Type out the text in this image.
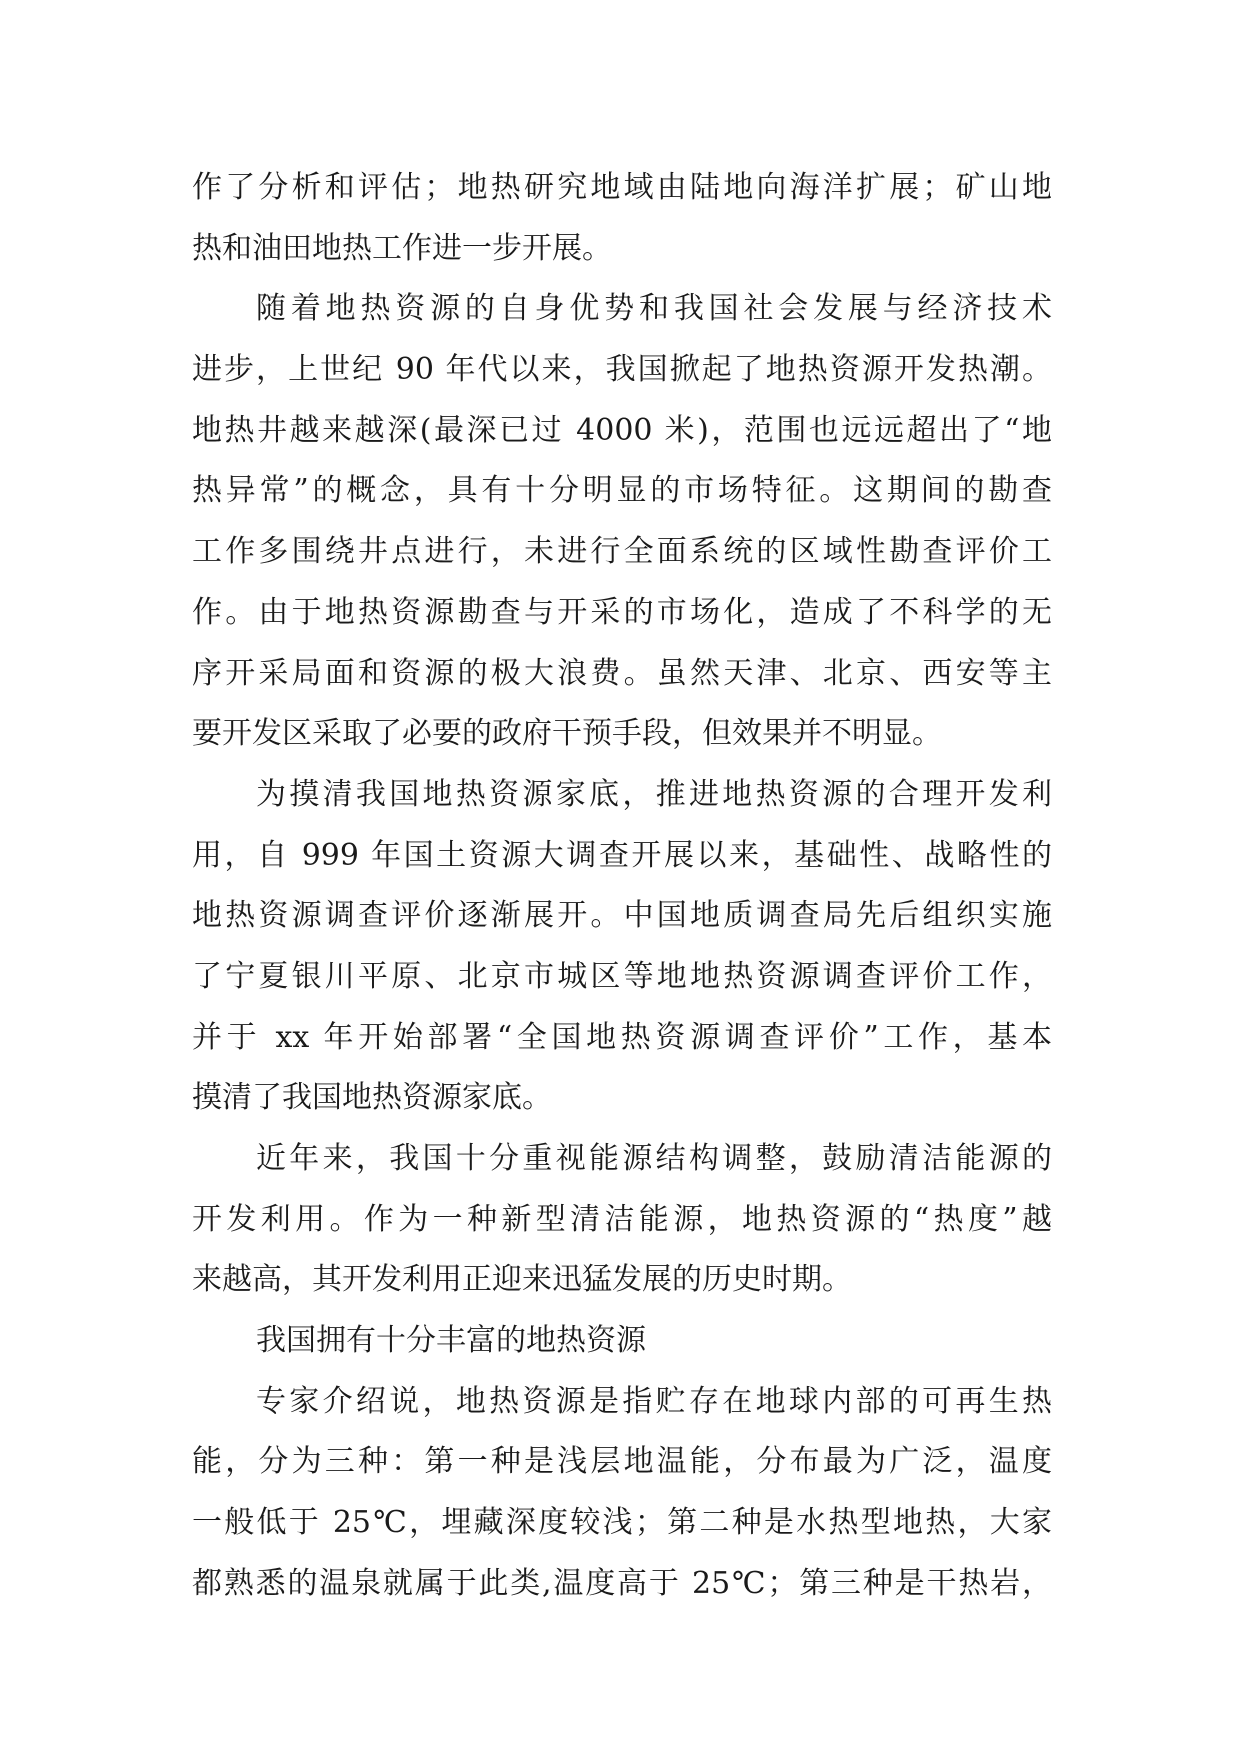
作了分析和评估；地热研究地域由陆地向海洋扩展；矿山地
热和油田地热工作进一步开展。
随着地热资源的自身优势和我国社会发展与经济技术
进步，上世纪 90 年代以来，我国掀起了地热资源开发热潮。
地热井越来越深(最深已过 4000 米)，范围也远远超出了“地
热异常”的概念，具有十分明显的市场特征。这期间的勘查
工作多围绕井点进行，未进行全面系统的区域性勘查评价工
作。由于地热资源勘查与开采的市场化，造成了不科学的无
序开采局面和资源的极大浪费。虽然天津、北京、西安等主
要开发区采取了必要的政府干预手段，但效果并不明显。
为摸清我国地热资源家底，推进地热资源的合理开发利
用，自 999 年国土资源大调查开展以来，基础性、战略性的
地热资源调查评价逐渐展开。中国地质调查局先后组织实施
了宁夏银川平原、北京市城区等地地热资源调查评价工作，
并于 xx 年开始部署“全国地热资源调查评价”工作，基本
摸清了我国地热资源家底。
近年来，我国十分重视能源结构调整，鼓励清洁能源的
开发利用。作为一种新型清洁能源，地热资源的“热度”越
来越高，其开发利用正迎来迅猛发展的历史时期。
我国拥有十分丰富的地热资源
专家介绍说，地热资源是指贮存在地球内部的可再生热
能，分为三种：第一种是浅层地温能，分布最为广泛，温度
一般低于 25℃，埋藏深度较浅；第二种是水热型地热，大家
都熟悉的温泉就属于此类,温度高于 25℃；第三种是干热岩，
